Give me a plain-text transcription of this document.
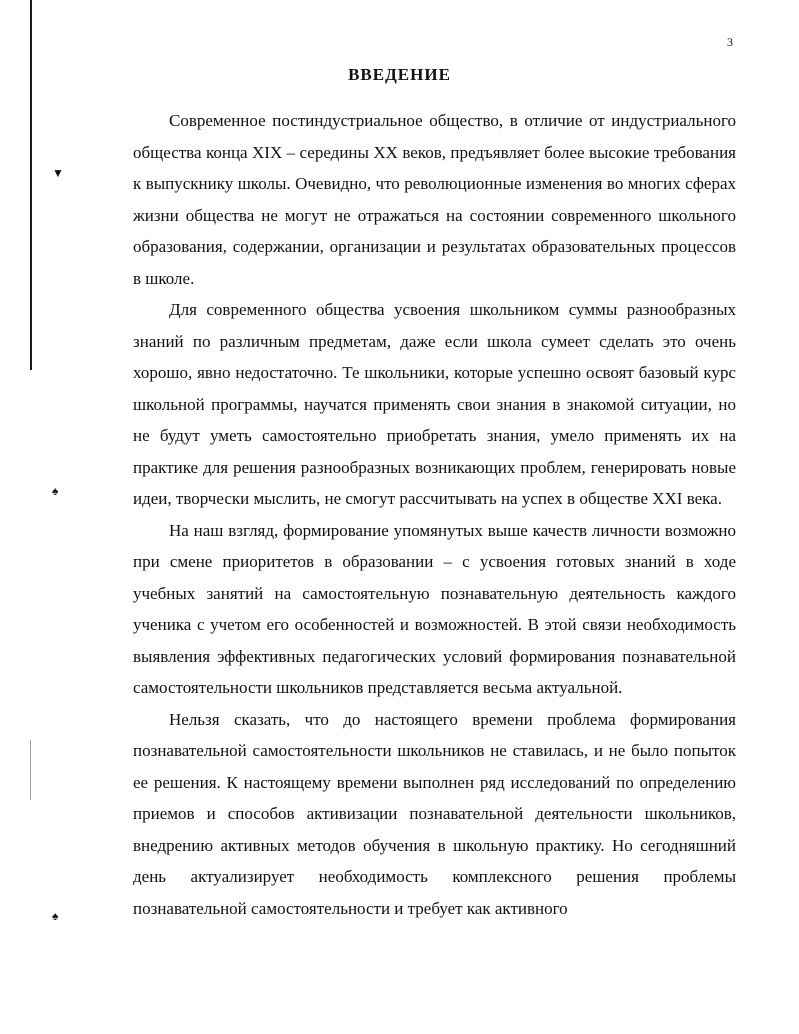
▼
♠
♠
3
ВВЕДЕНИЕ

Современное постиндустриальное общество, в отличие от индустриального общества конца XIX – середины XX веков, предъявляет более высокие требования к выпускнику школы. Очевидно, что революционные изменения во многих сферах жизни общества не могут не отражаться на состоянии современного школьного образования, содержании, организации и результатах образовательных процессов в школе.

Для современного общества усвоения школьником суммы разнообразных знаний по различным предметам, даже если школа сумеет сделать это очень хорошо, явно недостаточно. Те школьники, которые успешно освоят базовый курс школьной программы, научатся применять свои знания в знакомой ситуации, но не будут уметь самостоятельно приобретать знания, умело применять их на практике для решения разнообразных возникающих проблем, генерировать новые идеи, творчески мыслить, не смогут рассчитывать на успех в обществе XXI века.

На наш взгляд, формирование упомянутых выше качеств личности возможно при смене приоритетов в образовании – с усвоения готовых знаний в ходе учебных занятий на самостоятельную познавательную деятельность каждого ученика с учетом его особенностей и возможностей. В этой связи необходимость выявления эффективных педагогических условий формирования познавательной самостоятельности школьников представляется весьма актуальной.

Нельзя сказать, что до настоящего времени проблема формирования познавательной самостоятельности школьников не ставилась, и не было попыток ее решения. К настоящему времени выполнен ряд исследований по определению приемов и способов активизации познавательной деятельности школьников, внедрению активных методов обучения в школьную практику. Но сегодняшний день актуализирует необходимость комплексного решения проблемы познавательной самостоятельности и требует как активного
